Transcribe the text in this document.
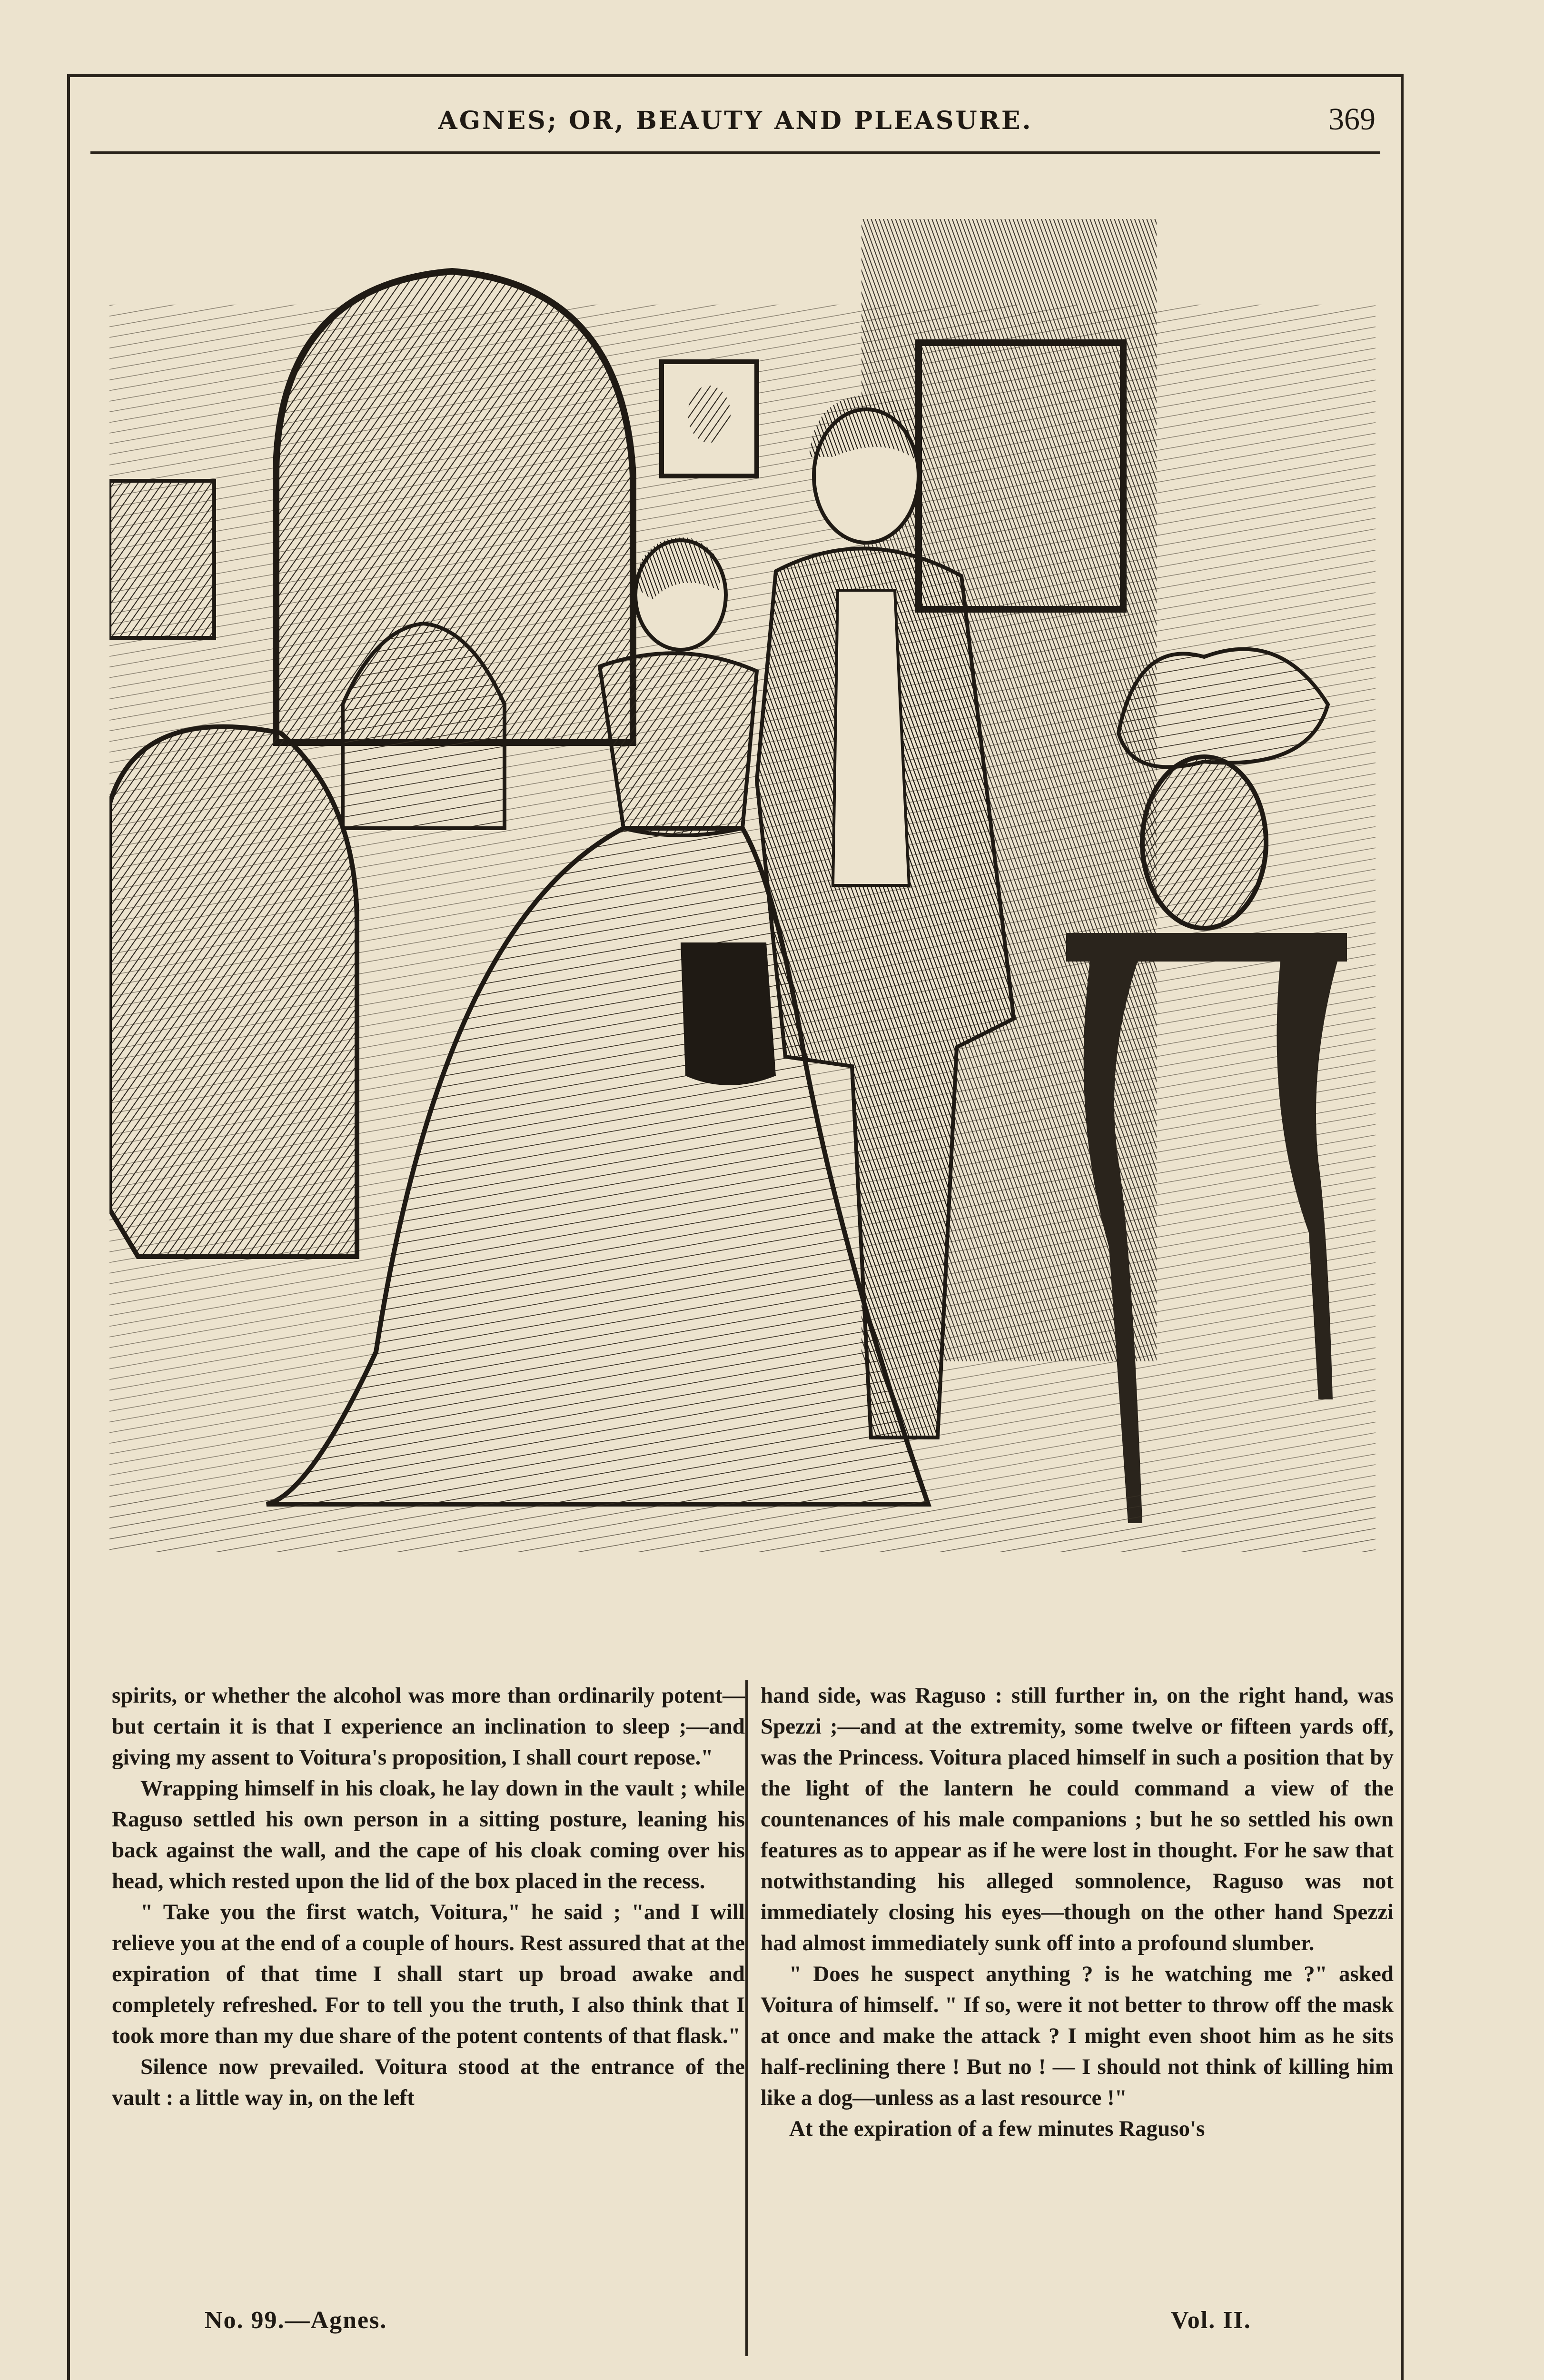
AGNES; OR, BEAUTY AND PLEASURE.	369

spirits, or whether the alcohol was more than ordinarily potent—but certain it is that I experience an inclination to sleep ;—and giving my assent to Voitura's proposition, I shall court repose."

Wrapping himself in his cloak, he lay down in the vault ; while Raguso settled his own person in a sitting posture, leaning his back against the wall, and the cape of his cloak coming over his head, which rested upon the lid of the box placed in the recess.

" Take you the first watch, Voitura," he said ; "and I will relieve you at the end of a couple of hours. Rest assured that at the expiration of that time I shall start up broad awake and completely refreshed. For to tell you the truth, I also think that I took more than my due share of the potent contents of that flask."

Silence now prevailed. Voitura stood at the entrance of the vault : a little way in, on the left

hand side, was Raguso : still further in, on the right hand, was Spezzi ;—and at the extremity, some twelve or fifteen yards off, was the Princess. Voitura placed himself in such a position that by the light of the lantern he could command a view of the countenances of his male companions ; but he so settled his own features as to appear as if he were lost in thought. For he saw that notwithstanding his alleged somnolence, Raguso was not immediately closing his eyes—though on the other hand Spezzi had almost immediately sunk off into a profound slumber.

" Does he suspect anything ? is he watching me ?" asked Voitura of himself. " If so, were it not better to throw off the mask at once and make the attack ? I might even shoot him as he sits half-reclining there ! But no ! — I should not think of killing him like a dog—unless as a last resource !"

At the expiration of a few minutes Raguso's

No. 99.—Agnes.	Vol. II.
